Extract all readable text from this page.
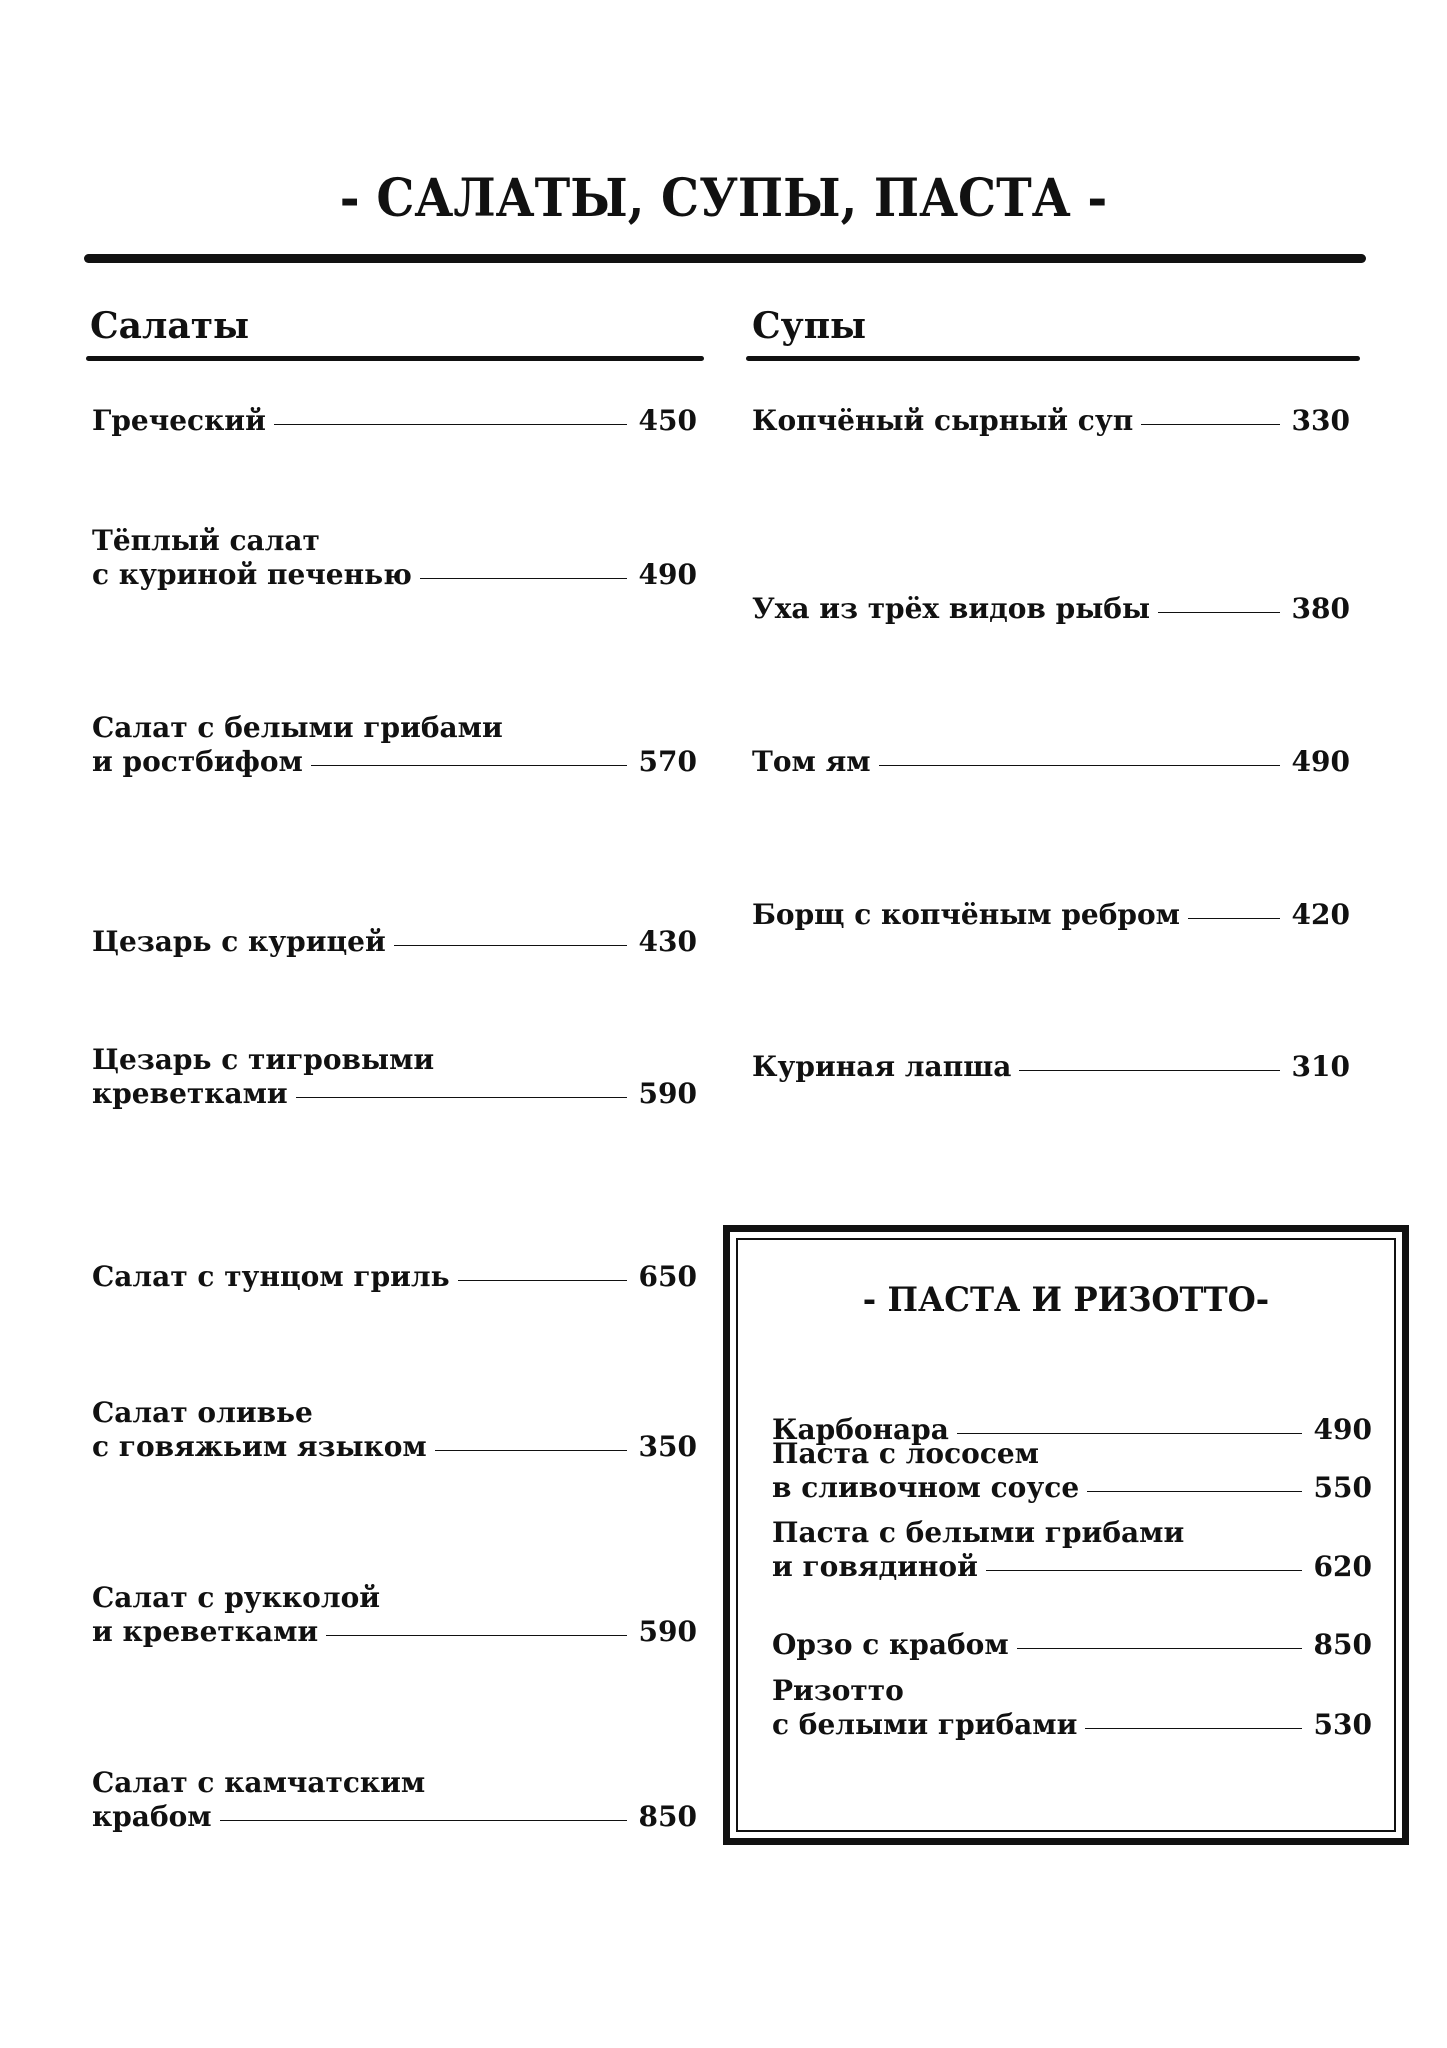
- САЛАТЫ, СУПЫ, ПАСТА -
Салаты
Греческий	450
Тёплый салат
с куриной печенью	490
Салат с белыми грибами
и ростбифом	570
Цезарь с курицей	430
Цезарь с тигровыми
креветками	590
Салат с тунцом гриль	650
Салат оливье
с говяжьим языком	350
Салат с рукколой
и креветками	590
Салат с камчатским
крабом	850
Супы
Копчёный сырный суп	330
Уха из трёх видов рыбы	380
Том ям	490
Борщ с копчёным ребром	420
Куриная лапша	310
- ПАСТА И РИЗОТТО-
Карбонара	490
Паста с лососем
в сливочном соусе	550
Паста с белыми грибами
и говядиной	620
Орзо с крабом	850
Ризотто
с белыми грибами	530
